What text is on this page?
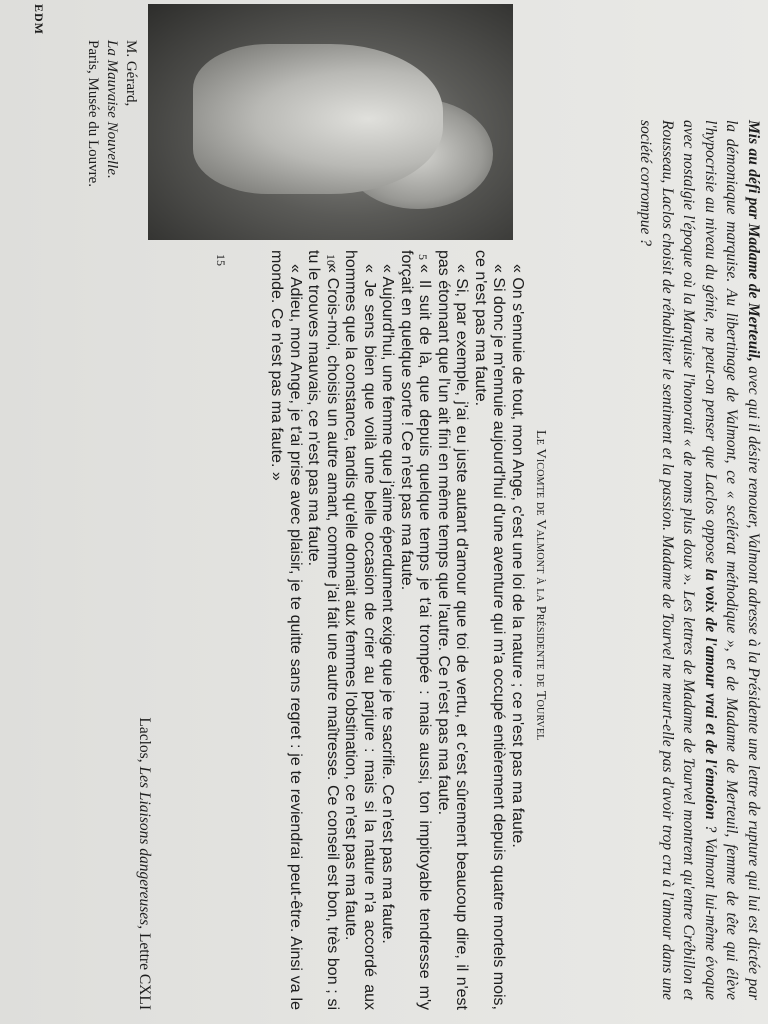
Mis au défi par Madame de Merteuil, avec qui il désire renouer, Valmont adresse à la Présidente une lettre de rupture qui lui est dictée par la démoniaque marquise. Au libertinage de Valmont, ce « scélérat méthodique », et de Madame de Merteuil, femme de tête qui élève l'hypocrisie au niveau du génie, ne peut-on penser que Laclos oppose la voix de l'amour vrai et de l'émotion ? Valmont lui-même évoque avec nostalgie l'époque où la Marquise l'honorait « de noms plus doux ». Les lettres de Madame de Tourvel montrent qu'entre Crébillon et Rousseau, Laclos choisit de réhabiliter le sentiment et la passion. Madame de Tourvel ne meurt-elle pas d'avoir trop cru à l'amour dans une société corrompue ?
M. Gérard,
La Mauvaise Nouvelle.
Paris, Musée du Louvre.
5
10
15
Le Vicomte de Valmont à la Présidente de Tourvel

« On s'ennuie de tout, mon Ange, c'est une loi de la nature ; ce n'est pas ma faute.

« Si donc je m'ennuie aujourd'hui d'une aventure qui m'a occupé entièrement depuis quatre mortels mois, ce n'est pas ma faute.

« Si, par exemple, j'ai eu juste autant d'amour que toi de vertu, et c'est sûrement beaucoup dire, il n'est pas étonnant que l'un ait fini en même temps que l'autre. Ce n'est pas ma faute.

« Il suit de là, que depuis quelque temps je t'ai trompée : mais aussi, ton impitoyable tendresse m'y forçait en quelque sorte ! Ce n'est pas ma faute.

« Aujourd'hui, une femme que j'aime éperdument exige que je te sacrifie. Ce n'est pas ma faute.

« Je sens bien que voilà une belle occasion de crier au parjure : mais si la nature n'a accordé aux hommes que la constance, tandis qu'elle donnait aux femmes l'obstination, ce n'est pas ma faute.

« Crois-moi, choisis un autre amant, comme j'ai fait une autre maîtresse. Ce conseil est bon, très bon ; si tu le trouves mauvais, ce n'est pas ma faute.

« Adieu, mon Ange, je t'ai prise avec plaisir, je te quitte sans regret : je te reviendrai peut-être. Ainsi va le monde. Ce n'est pas ma faute. »

Laclos, Les Liaisons dangereuses, Lettre CXLI
EDM
